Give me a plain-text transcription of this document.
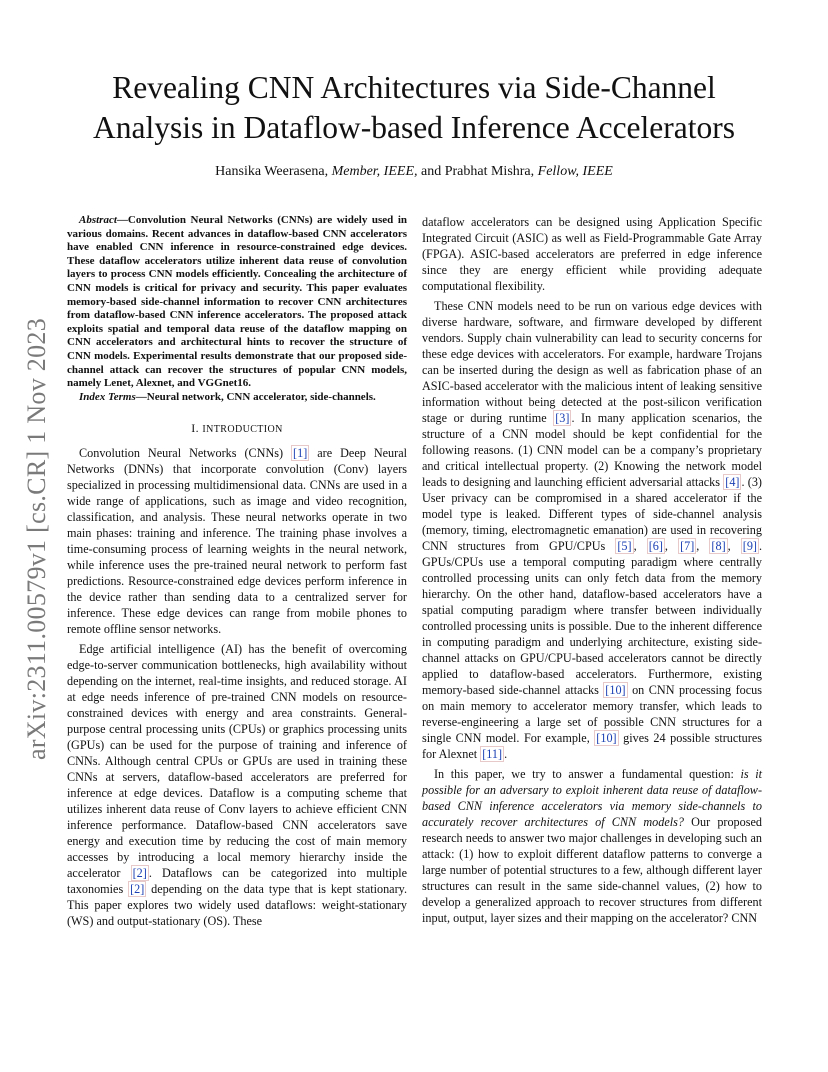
arXiv:2311.00579v1 [cs.CR] 1 Nov 2023
Revealing CNN Architectures via Side-Channel
Analysis in Dataflow-based Inference Accelerators
Hansika Weerasena, Member, IEEE, and Prabhat Mishra, Fellow, IEEE

Abstract—Convolution Neural Networks (CNNs) are widely used in various domains. Recent advances in dataflow-based CNN accelerators have enabled CNN inference in resource-constrained edge devices. These dataflow accelerators utilize inherent data reuse of convolution layers to process CNN models efficiently. Concealing the architecture of CNN models is critical for privacy and security. This paper evaluates memory-based side-channel information to recover CNN architectures from dataflow-based CNN inference accelerators. The proposed attack exploits spatial and temporal data reuse of the dataflow mapping on CNN accelerators and architectural hints to recover the structure of CNN models. Experimental results demonstrate that our proposed side-channel attack can recover the structures of popular CNN models, namely Lenet, Alexnet, and VGGnet16.

Index Terms—Neural network, CNN accelerator, side-channels.

I. INTRODUCTION

Convolution Neural Networks (CNNs) [1] are Deep Neural Networks (DNNs) that incorporate convolution (Conv) layers specialized in processing multidimensional data. CNNs are used in a wide range of applications, such as image and video recognition, classification, and analysis. These neural networks operate in two main phases: training and inference. The training phase involves a time-consuming process of learning weights in the neural network, while inference uses the pre-trained neural network to perform fast predictions. Resource-constrained edge devices perform inference in the device rather than sending data to a centralized server for inference. These edge devices can range from mobile phones to remote offline sensor networks.

Edge artificial intelligence (AI) has the benefit of overcoming edge-to-server communication bottlenecks, high availability without depending on the internet, real-time insights, and reduced storage. AI at edge needs inference of pre-trained CNN models on resource-constrained devices with energy and area constraints. General-purpose central processing units (CPUs) or graphics processing units (GPUs) can be used for the purpose of training and inference of CNNs. Although central CPUs or GPUs are used in training these CNNs at servers, dataflow-based accelerators are preferred for inference at edge devices. Dataflow is a computing scheme that utilizes inherent data reuse of Conv layers to achieve efficient CNN inference performance. Dataflow-based CNN accelerators save energy and execution time by reducing the cost of main memory accesses by introducing a local memory hierarchy inside the accelerator [2] . Dataflows can be categorized into multiple taxonomies [2] depending on the data type that is kept stationary. This paper explores two widely used dataflows: weight-stationary (WS) and output-stationary (OS). These

dataflow accelerators can be designed using Application Specific Integrated Circuit (ASIC) as well as Field-Programmable Gate Array (FPGA). ASIC-based accelerators are preferred in edge inference since they are energy efficient while providing adequate computational flexibility.

These CNN models need to be run on various edge devices with diverse hardware, software, and firmware developed by different vendors. Supply chain vulnerability can lead to security concerns for these edge devices with accelerators. For example, hardware Trojans can be inserted during the design as well as fabrication phase of an ASIC-based accelerator with the malicious intent of leaking sensitive information without being detected at the post-silicon verification stage or during runtime [3] . In many application scenarios, the structure of a CNN model should be kept confidential for the following reasons. (1) CNN model can be a company’s proprietary and critical intellectual property. (2) Knowing the network model leads to designing and launching efficient adversarial attacks [4] . (3) User privacy can be compromised in a shared accelerator if the model type is leaked. Different types of side-channel analysis (memory, timing, electromagnetic emanation) are used in recovering CNN structures from GPU/CPUs [5] , [6] , [7] , [8] , [9] . GPUs/CPUs use a temporal computing paradigm where centrally controlled processing units can only fetch data from the memory hierarchy. On the other hand, dataflow-based accelerators have a spatial computing paradigm where transfer between individually controlled processing units is possible. Due to the inherent difference in computing paradigm and underlying architecture, existing side-channel attacks on GPU/CPU-based accelerators cannot be directly applied to dataflow-based accelerators. Furthermore, existing memory-based side-channel attacks [10] on CNN processing focus on main memory to accelerator memory transfer, which leads to reverse-engineering a large set of possible CNN structures for a single CNN model. For example, [10] gives 24 possible structures for Alexnet [11] .

In this paper, we try to answer a fundamental question: is it possible for an adversary to exploit inherent data reuse of dataflow-based CNN inference accelerators via memory side-channels to accurately recover architectures of CNN models? Our proposed research needs to answer two major challenges in developing such an attack: (1) how to exploit different dataflow patterns to converge a large number of potential structures to a few, although different layer structures can result in the same side-channel values, (2) how to develop a generalized approach to recover structures from different input, output, layer sizes and their mapping on the accelerator? CNN
